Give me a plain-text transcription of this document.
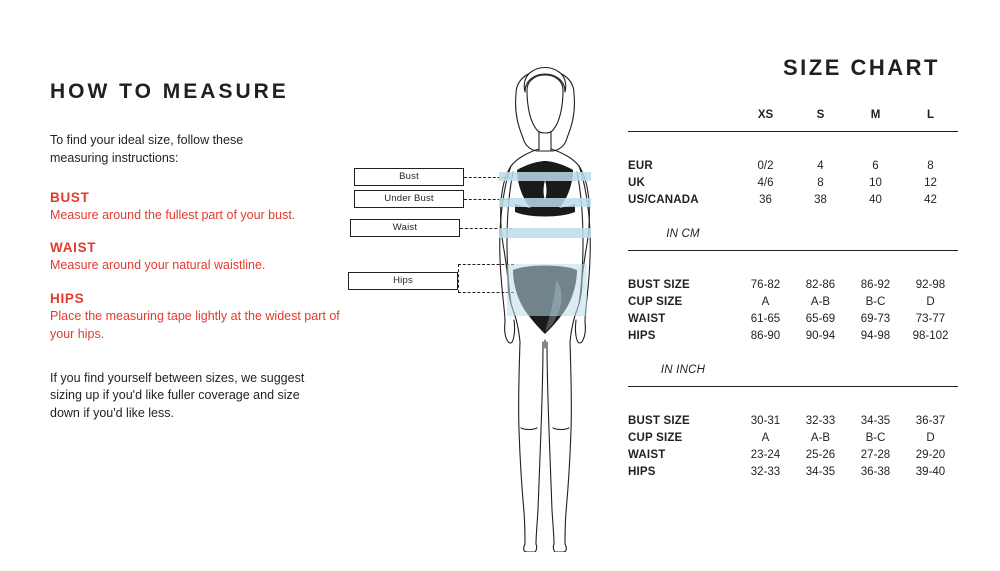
HOW TO MEASURE

To find your ideal size, follow these measuring instructions:

BUST

Measure around the fullest part of your bust.

WAIST

Measure around your natural waistline.

HIPS

Place the measuring tape lightly at the widest part of your hips.

If you find yourself between sizes, we suggest sizing up if you'd like fuller coverage and size down if you'd like less.

Bust
Under Bust
Waist
Hips
SIZE CHART
	XS	S	M	L

EUR	0/2	4	6	8
UK	4/6	8	10	12
US/CANADA	36	38	40	42

IN CM				

BUST SIZE	76-82	82-86	86-92	92-98
CUP SIZE	A	A-B	B-C	D
WAIST	61-65	65-69	69-73	73-77
HIPS	86-90	90-94	94-98	98-102

IN INCH				

BUST SIZE	30-31	32-33	34-35	36-37
CUP SIZE	A	A-B	B-C	D
WAIST	23-24	25-26	27-28	29-20
HIPS	32-33	34-35	36-38	39-40
